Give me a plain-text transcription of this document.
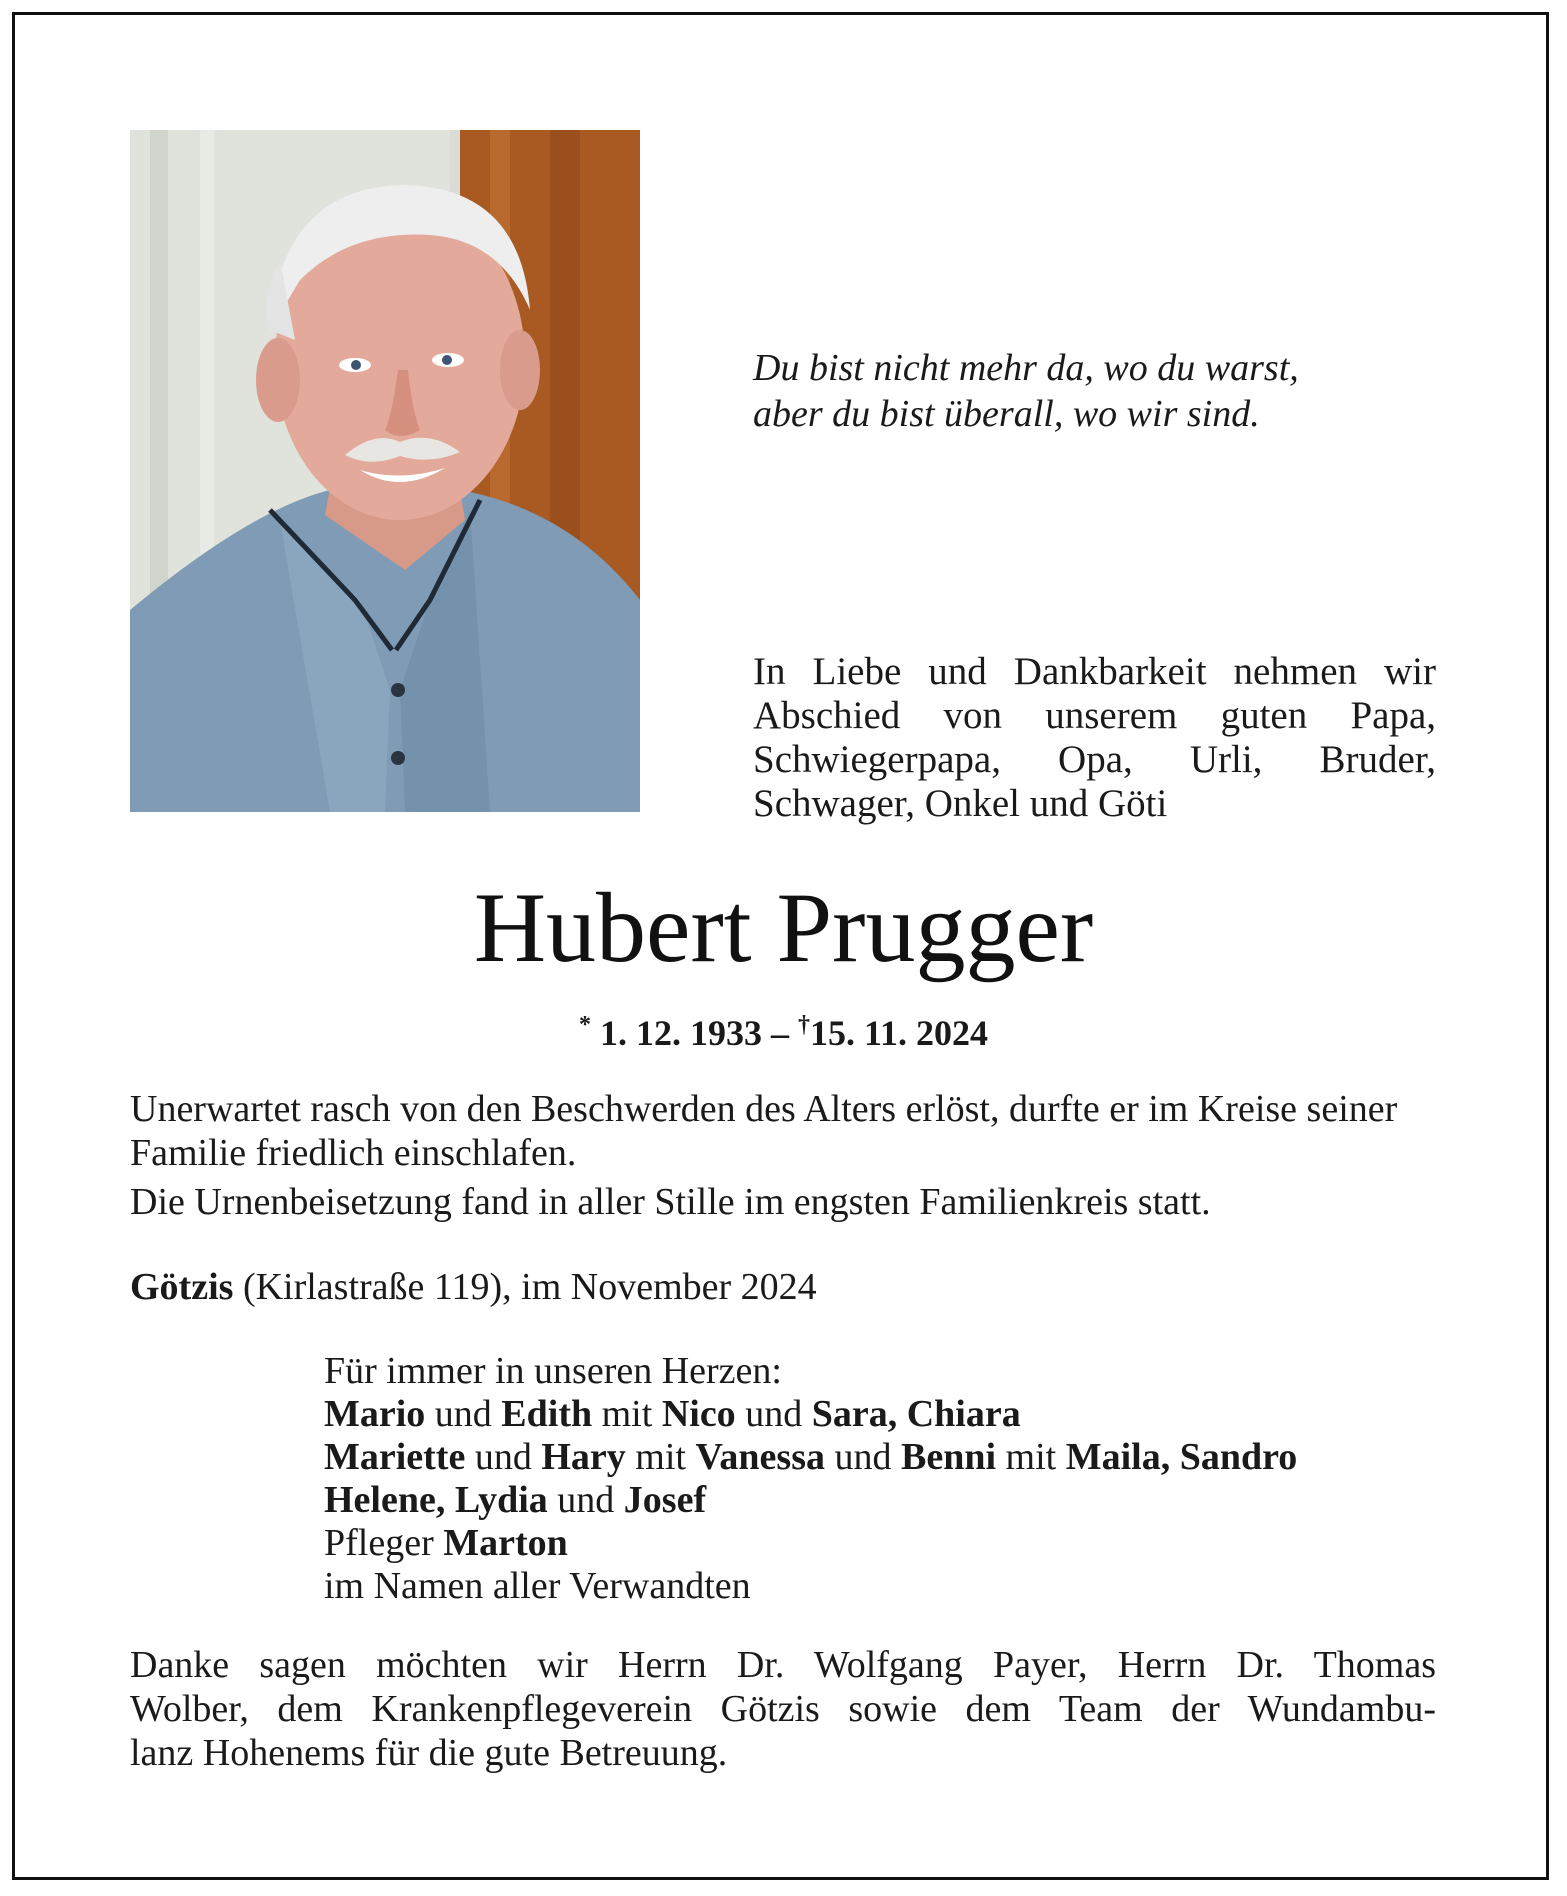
Du bist nicht mehr da, wo du warst,
aber du bist überall, wo wir sind.
In Liebe und Dankbarkeit nehmen wir Abschied von unserem guten Papa, Schwiegerpapa, Opa, Urli, Bruder, Schwager, Onkel und Göti
Hubert Prugger
* 1. 12. 1933 – †15. 11. 2024
Unerwartet rasch von den Beschwerden des Alters erlöst, durfte er im Kreise seiner Familie friedlich einschlafen.
Die Urnenbeisetzung fand in aller Stille im engsten Familienkreis statt.
Götzis (Kirlastraße 119), im November 2024
Für immer in unseren Herzen:
Mario und Edith mit Nico und Sara, Chiara
Mariette und Hary mit Vanessa und Benni mit Maila, Sandro
Helene, Lydia und Josef
Pfleger Marton
im Namen aller Verwandten
Danke sagen möchten wir Herrn Dr. Wolfgang Payer, Herrn Dr. Thomas
Wolber, dem Krankenpflegeverein Götzis sowie dem Team der Wundambu-
lanz Hohenems für die gute Betreuung.
